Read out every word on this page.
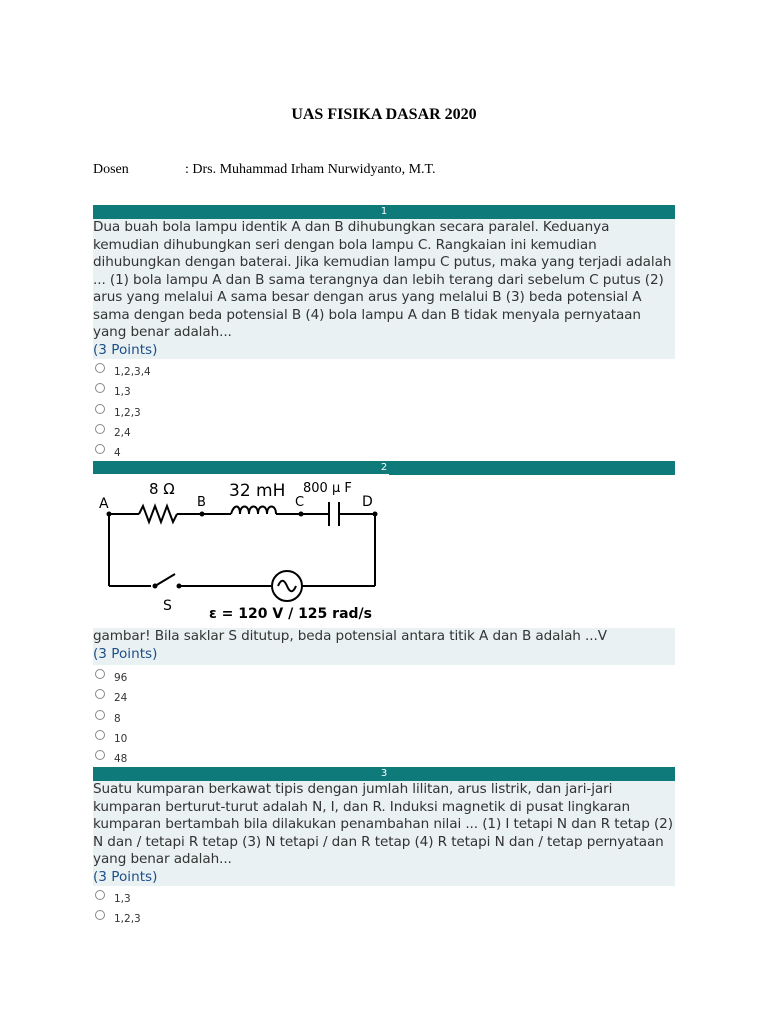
UAS FISIKA DASAR 2020
Dosen	: Drs. Muhammad Irham Nurwidyanto, M.T.
1

Dua buah bola lampu identik A dan B dihubungkan secara paralel. Keduanya kemudian dihubungkan seri dengan bola lampu C. Rangkaian ini kemudian dihubungkan dengan baterai. Jika kemudian lampu C putus, maka yang terjadi adalah ... (1) bola lampu A dan B sama terangnya dan lebih terang dari sebelum C putus (2) arus yang melalui A sama besar dengan arus yang melalui B (3) beda potensial A sama dengan beda potensial B (4) bola lampu A dan B tidak menyala pernyataan yang benar adalah...

(3 Points)
1,2,3,4
1,3
1,2,3
2,4
4
2
A	B	C	D
S
8 Ω	32 mH 800 μ F
ε = 120 V / 125 rad/s

gambar! Bila saklar S ditutup, beda potensial antara titik A dan B adalah ...V

(3 Points)
96
24
8
10
48
3

Suatu kumparan berkawat tipis dengan jumlah lilitan, arus listrik, dan jari-jari kumparan berturut-turut adalah N, I, dan R. Induksi magnetik di pusat lingkaran kumparan bertambah bila dilakukan penambahan nilai ... (1) I tetapi N dan R tetap (2) N dan / tetapi R tetap (3) N tetapi / dan R tetap (4) R tetapi N dan / tetap pernyataan yang benar adalah...

(3 Points)
1,3
1,2,3
